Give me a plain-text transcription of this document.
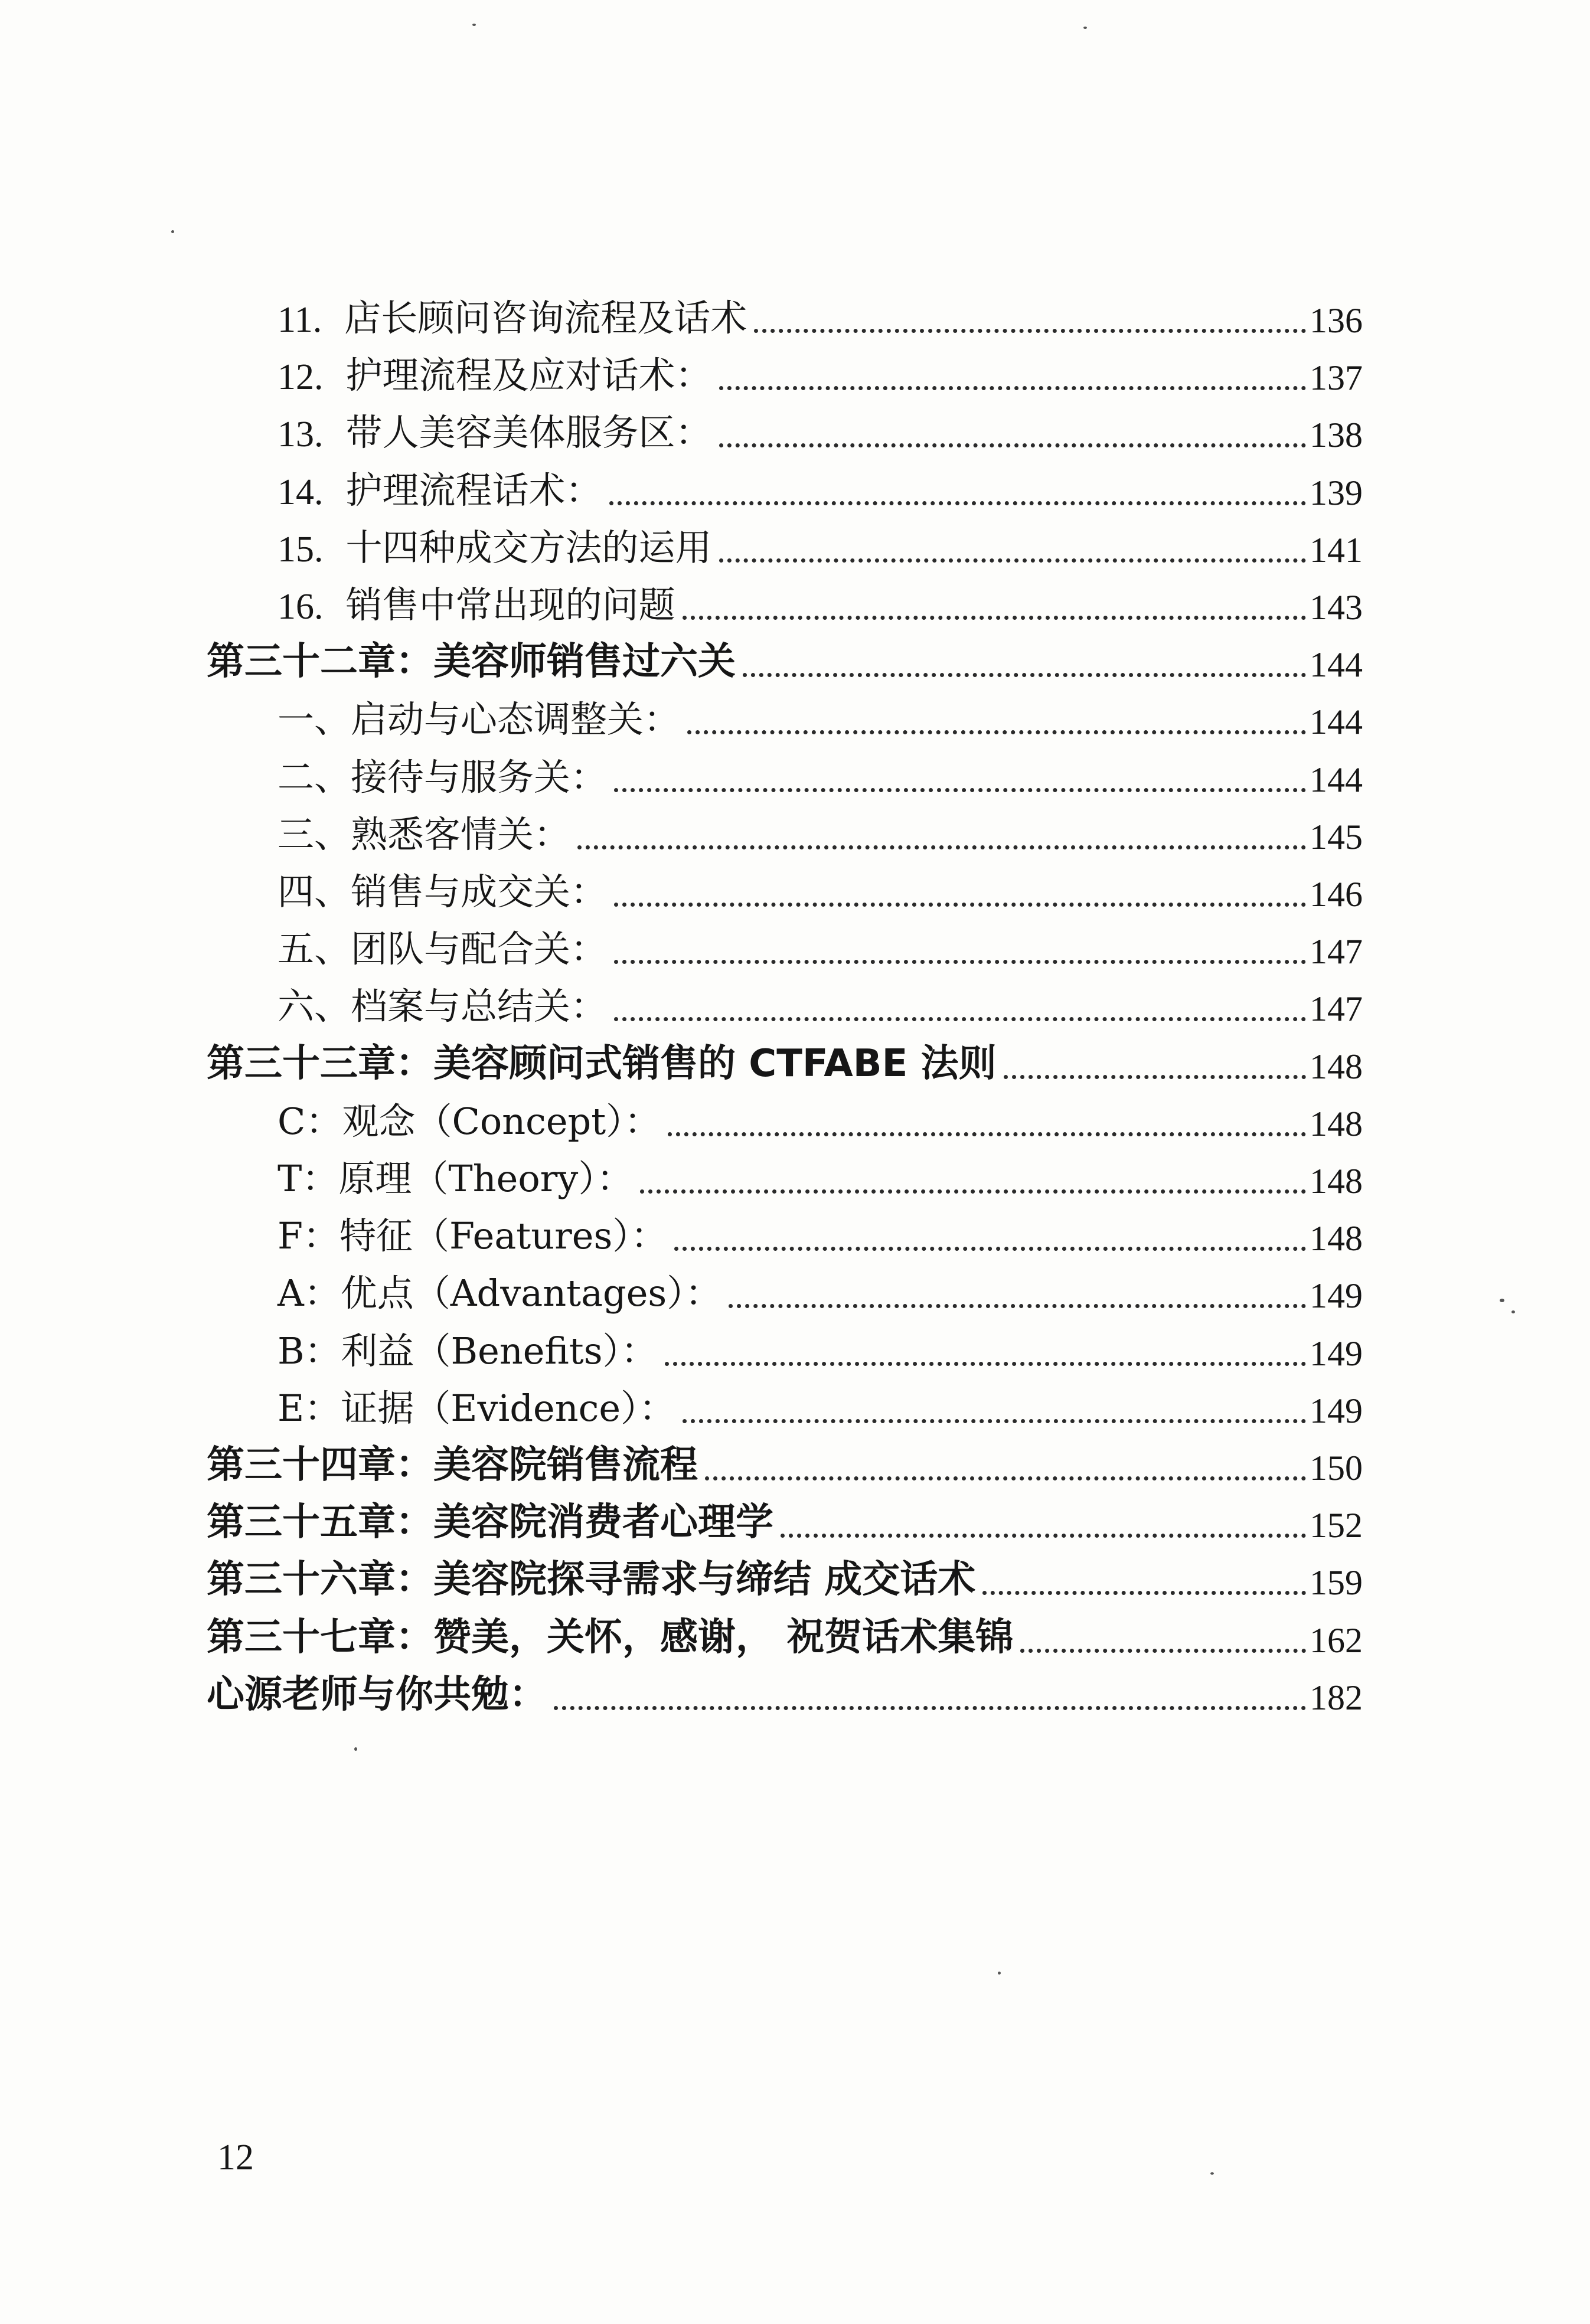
11. 店长顾问咨询流程及话术	136
12. 护理流程及应对话术：	137
13. 带人美容美体服务区：	138
14. 护理流程话术：	139
15. 十四种成交方法的运用	141
16. 销售中常出现的问题	143
第三十二章：美容师销售过六关	144
一、启动与心态调整关：	144
二、接待与服务关：	144
三、熟悉客情关：	145
四、销售与成交关：	146
五、团队与配合关：	147
六、档案与总结关：	147
第三十三章：美容顾问式销售的 CTFABE 法则	148
C：观念（Concept）：	148
T：原理（Theory）：	148
F：特征（Features）：	148
A：优点（Advantages）：	149
B：利益（Benefits）：	149
E：证据（Evidence）：	149
第三十四章：美容院销售流程	150
第三十五章：美容院消费者心理学	152
第三十六章：美容院探寻需求与缔结 成交话术	159
第三十七章：赞美，关怀，感谢， 祝贺话术集锦	162
心源老师与你共勉：	182
12
